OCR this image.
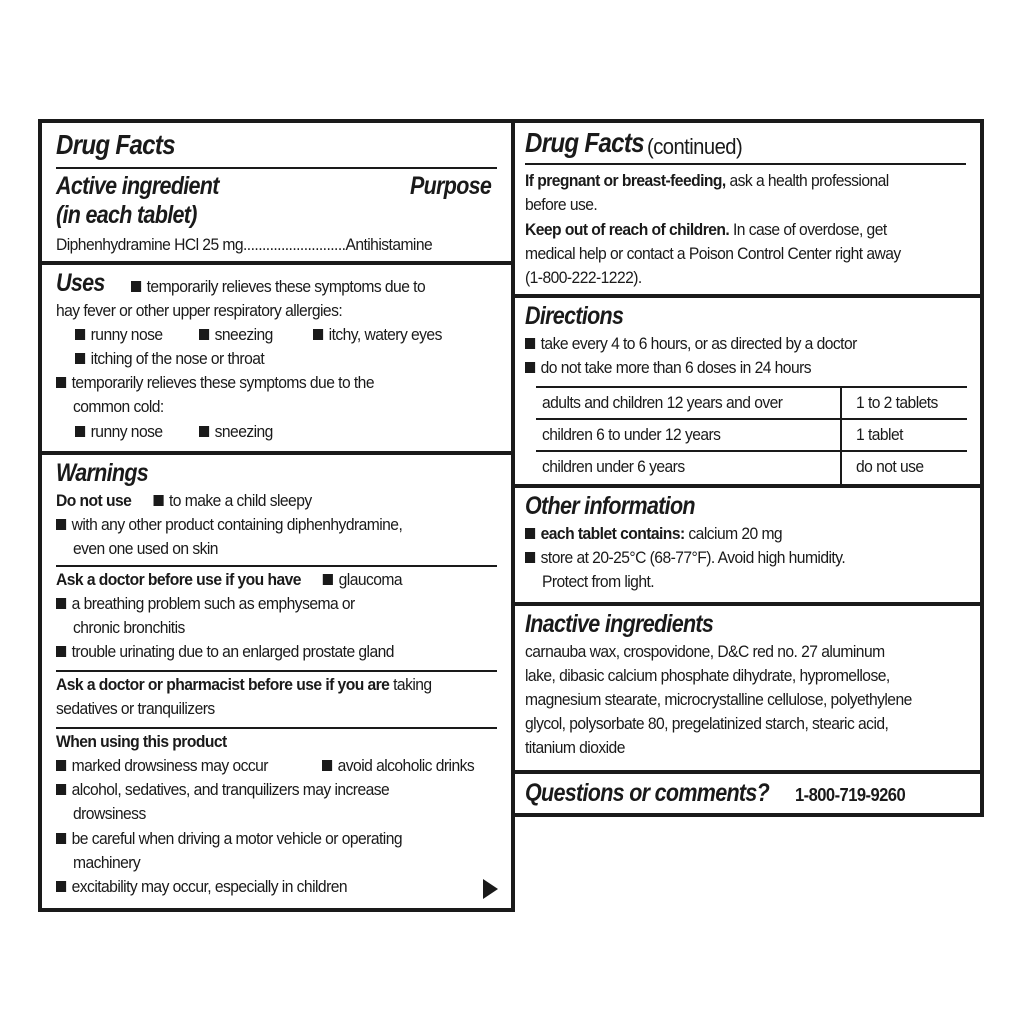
Drug Facts
Active ingredient
(in each tablet)
Purpose
Diphenhydramine HCl 25 mg...........................Antihistamine
Uses	temporarily relieves these symptoms due to
hay fever or other upper respiratory allergies:
runny nose	sneezing	itchy, watery eyes
itching of the nose or throat
temporarily relieves these symptoms due to the
common cold:
runny nose	sneezing
Warnings
Do not use to make a child sleepy
with any other product containing diphenhydramine,
even one used on skin
Ask a doctor before use if you have glaucoma
a breathing problem such as emphysema or
chronic bronchitis
trouble urinating due to an enlarged prostate gland
Ask a doctor or pharmacist before use if you are taking
sedatives or tranquilizers
When using this product
marked drowsiness may occur	avoid alcoholic drinks
alcohol, sedatives, and tranquilizers may increase
drowsiness
be careful when driving a motor vehicle or operating
machinery
excitability may occur, especially in children
Drug Facts (continued)
If pregnant or breast-feeding, ask a health professional
before use.
Keep out of reach of children. In case of overdose, get
medical help or contact a Poison Control Center right away
(1-800-222-1222).
Directions
take every 4 to 6 hours, or as directed by a doctor
do not take more than 6 doses in 24 hours
adults and children 12 years and over	1 to 2 tablets
children 6 to under 12 years	1 tablet
children under 6 years	do not use
Other information
each tablet contains: calcium 20 mg
store at 20-25°C (68-77°F). Avoid high humidity.
Protect from light.
Inactive ingredients
carnauba wax, crospovidone, D&C red no. 27 aluminum
lake, dibasic calcium phosphate dihydrate, hypromellose,
magnesium stearate, microcrystalline cellulose, polyethylene
glycol, polysorbate 80, pregelatinized starch, stearic acid,
titanium dioxide
Questions or comments? 1-800-719-9260
